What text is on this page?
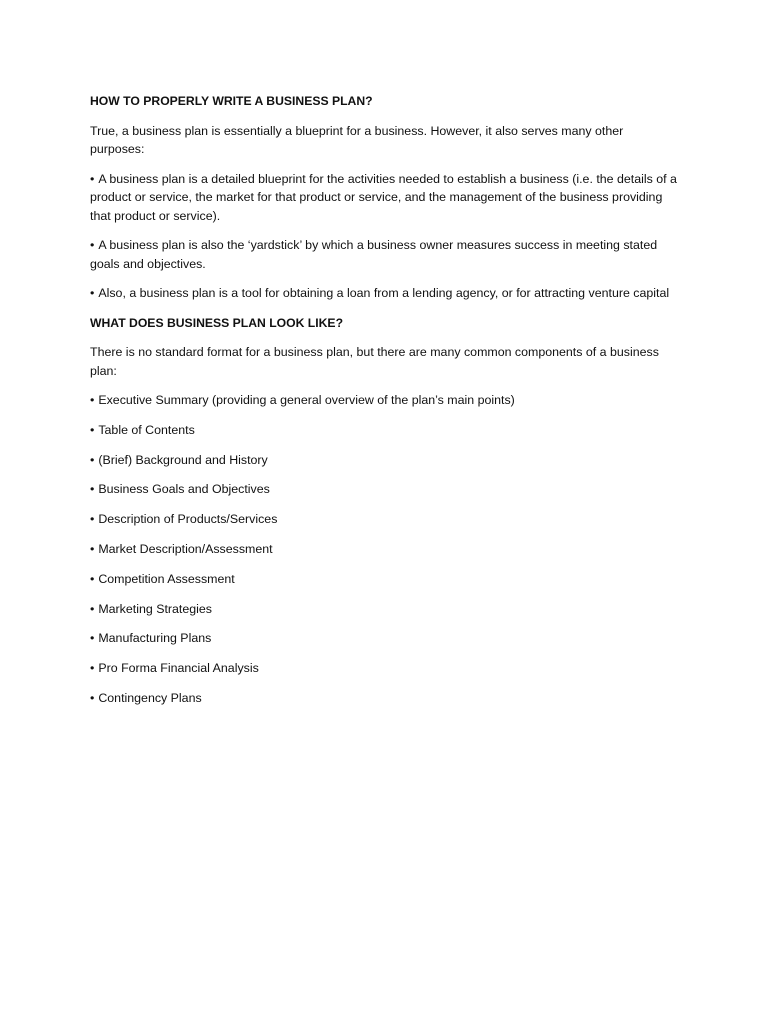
HOW TO PROPERLY WRITE A BUSINESS PLAN?
True, a business plan is essentially a blueprint for a business. However, it also serves many other purposes:
• A business plan is a detailed blueprint for the activities needed to establish a business (i.e. the details of a product or service, the market for that product or service, and the management of the business providing that product or service).
• A business plan is also the ‘yardstick’ by which a business owner measures success in meeting stated goals and objectives.
• Also, a business plan is a tool for obtaining a loan from a lending agency, or for attracting venture capital
WHAT DOES BUSINESS PLAN LOOK LIKE?
There is no standard format for a business plan, but there are many common components of a business plan:
• Executive Summary (providing a general overview of the plan’s main points)
• Table of Contents
• (Brief) Background and History
• Business Goals and Objectives
• Description of Products/Services
• Market Description/Assessment
• Competition Assessment
• Marketing Strategies
• Manufacturing Plans
• Pro Forma Financial Analysis
• Contingency Plans
